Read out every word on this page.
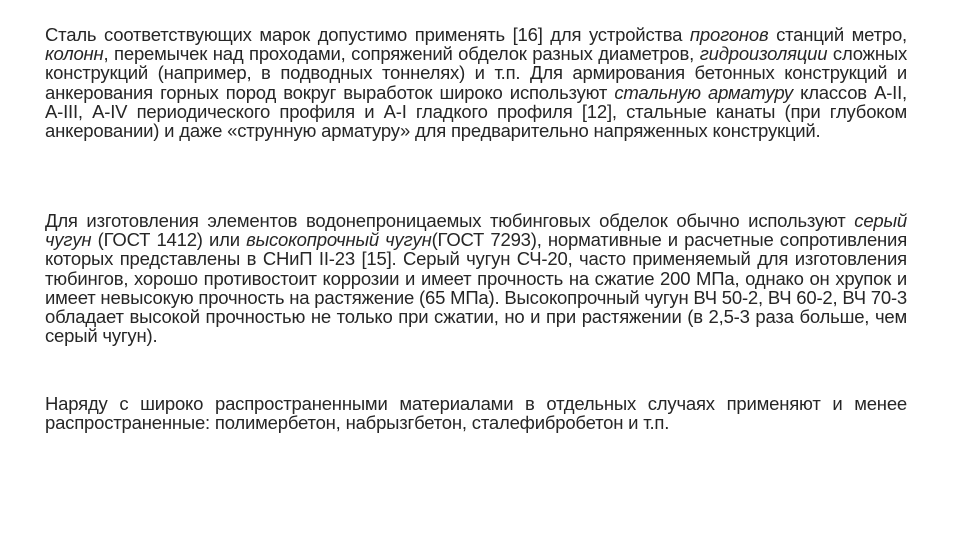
Сталь соответствующих марок допустимо применять [16] для устройства прогонов станций метро, колонн, перемычек над проходами, сопряжений обделок разных диаметров, гидроизоляции сложных конструкций (например, в подводных тоннелях) и т.п. Для армирования бетонных конструкций и анкерования горных пород вокруг выработок широко используют стальную арматуру классов А-II, А-III, А-IV периодического профиля и А-I гладкого профиля [12], стальные канаты (при глубоком анкеровании) и даже «струнную арматуру» для предварительно напряженных конструкций.
Для изготовления элементов водонепроницаемых тюбинговых обделок обычно используют серый чугун (ГОСТ 1412) или высокопрочный чугун(ГОСТ 7293), нормативные и расчетные сопротивления которых представлены в СНиП II-23 [15]. Серый чугун СЧ-20, часто применяемый для изготовления тюбингов, хорошо противостоит коррозии и имеет прочность на сжатие 200 МПа, однако он хрупок и имеет невысокую прочность на растяжение (65 МПа). Высокопрочный чугун ВЧ 50-2, ВЧ 60-2, ВЧ 70-3 обладает высокой прочностью не только при сжатии, но и при растяжении (в 2,5-3 раза больше, чем серый чугун).
Наряду с широко распространенными материалами в отдельных случаях применяют и менее распространенные: полимербетон, набрызгбетон, сталефибробетон и т.п.
